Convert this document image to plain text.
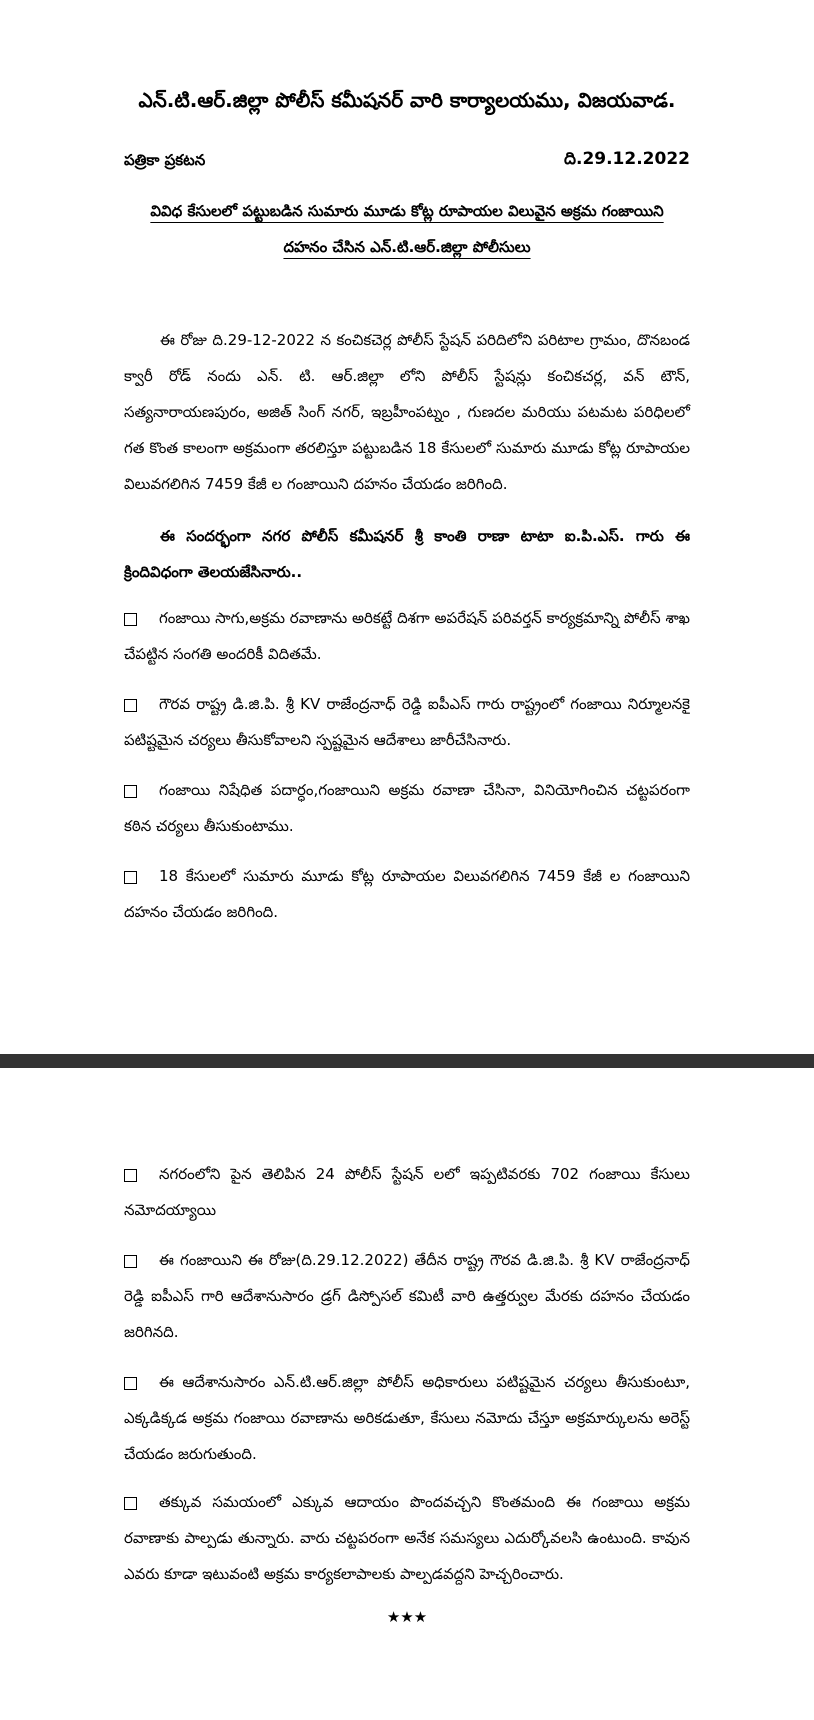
ఎన్.టి.ఆర్.జిల్లా పోలీస్ కమీషనర్ వారి కార్యాలయము, విజయవాడ.
పత్రికా ప్రకటన	ది.29.12.2022
వివిధ కేసులలో పట్టుబడిన సుమారు మూడు కోట్ల రూపాయల విలువైన అక్రమ గంజాయిని
దహనం చేసిన ఎన్.టి.ఆర్.జిల్లా పోలీసులు
ఈ రోజు ది.29-12-2022 న కంచికచెర్ల పోలీస్ స్టేషన్ పరిదిలోని పరిటాల గ్రామం, దొనబండ క్వారీ రోడ్ నందు ఎన్. టి. ఆర్.జిల్లా లోని పోలీస్ స్టేషన్లు కంచికచర్ల, వన్ టౌన్, సత్యనారాయణపురం, అజిత్ సింగ్ నగర్, ఇబ్రహీంపట్నం , గుణదల మరియు పటమట పరిధిలలో గత కొంత కాలంగా అక్రమంగా తరలిస్తూ పట్టుబడిన 18 కేసులలో సుమారు మూడు కోట్ల రూపాయల విలువగలిగిన 7459 కేజీ ల గంజాయిని దహనం చేయడం జరిగింది.
ఈ సందర్భంగా నగర పోలీస్ కమీషనర్ శ్రీ కాంతి రాణా టాటా ఐ.పి.ఎస్. గారు ఈ క్రిందివిధంగా తెలయజేసినారు..
గంజాయి సాగు,అక్రమ రవాణాను అరికట్టే దిశగా అపరేషన్ పరివర్తన్ కార్యక్రమాన్ని పోలీస్ శాఖ చేపట్టిన సంగతి అందరికీ విదితమే.
గౌరవ రాష్ట్ర డి.జి.పి. శ్రీ KV రాజేంద్రనాధ్ రెడ్డి ఐపీఎస్ గారు రాష్ట్రంలో గంజాయి నిర్మూలనకై పటిష్టమైన చర్యలు తీసుకోవాలని స్పష్టమైన ఆదేశాలు జారీచేసినారు.
గంజాయి నిషేధిత పదార్ధం,గంజాయిని అక్రమ రవాణా చేసినా, వినియోగించిన చట్టపరంగా కఠిన చర్యలు తీసుకుంటాము.
18 కేసులలో సుమారు మూడు కోట్ల రూపాయల విలువగలిగిన 7459 కేజీ ల గంజాయిని దహనం చేయడం జరిగింది.
నగరంలోని పైన తెలిపిన 24 పోలీస్ స్టేషన్ లలో ఇప్పటివరకు 702 గంజాయి కేసులు నమోదయ్యాయి
ఈ గంజాయిని ఈ రోజు(ది.29.12.2022) తేదీన రాష్ట్ర గౌరవ డి.జి.పి. శ్రీ KV రాజేంద్రనాధ్ రెడ్డి ఐపీఎస్ గారి ఆదేశానుసారం డ్రగ్ డిస్పోసల్ కమిటీ వారి ఉత్తర్వుల మేరకు దహనం చేయడం జరిగినది.
ఈ ఆదేశానుసారం ఎన్.టి.ఆర్.జిల్లా పోలీస్ అధికారులు పటిష్టమైన చర్యలు తీసుకుంటూ, ఎక్కడిక్కడ అక్రమ గంజాయి రవాణాను అరికడుతూ, కేసులు నమోదు చేస్తూ అక్రమార్కులను అరెస్ట్ చేయడం జరుగుతుంది.
తక్కువ సమయంలో ఎక్కువ ఆదాయం పొందవచ్చని కొంతమంది ఈ గంజాయి అక్రమ రవాణాకు పాల్పడు తున్నారు. వారు చట్టపరంగా అనేక సమస్యలు ఎదుర్కోవలసి ఉంటుంది. కావున ఎవరు కూడా ఇటువంటి అక్రమ కార్యకలాపాలకు పాల్పడవద్దని హెచ్చరించారు.
★★★
